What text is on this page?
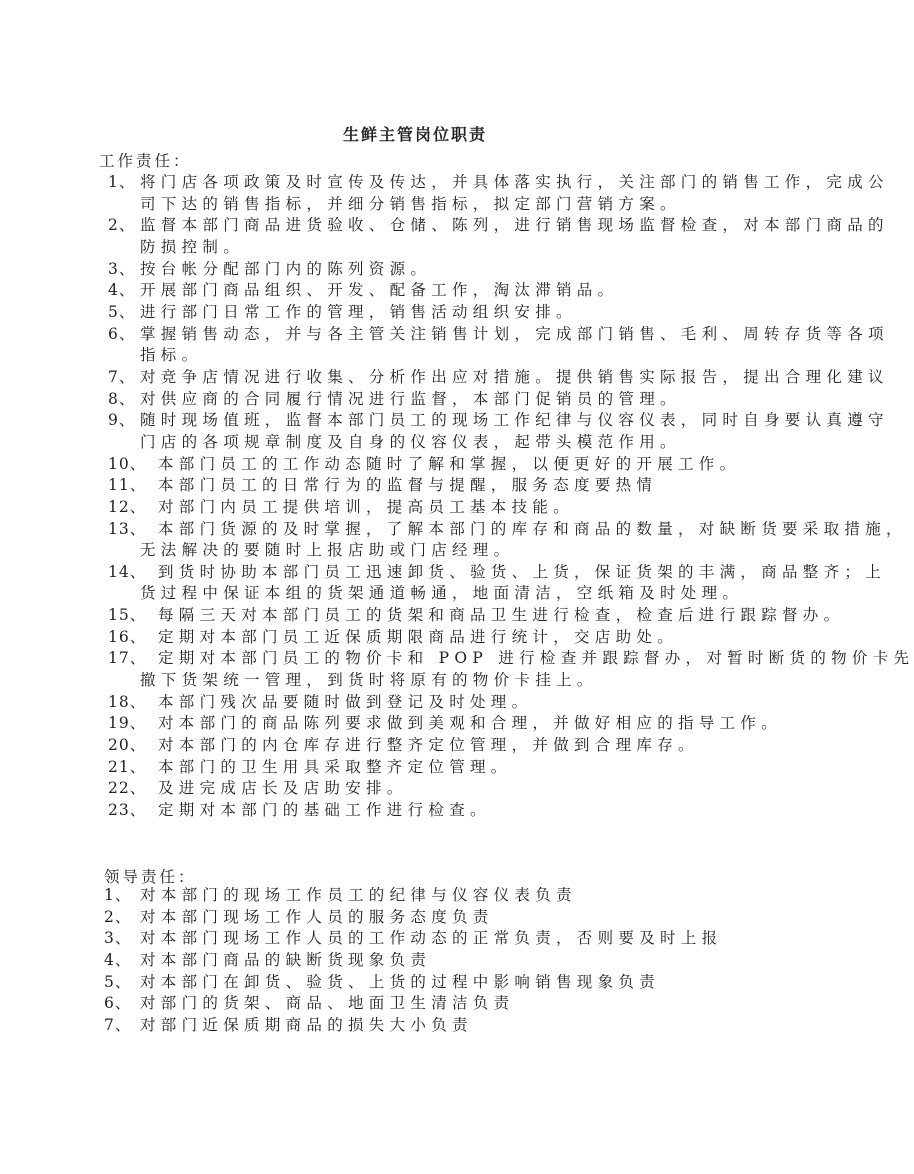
生鲜主管岗位职责
工作责任：
1、 将门店各项政策及时宣传及传达，并具体落实执行，关注部门的销售工作，完成公
司下达的销售指标，并细分销售指标，拟定部门营销方案。
2、 监督本部门商品进货验收、仓储、陈列，进行销售现场监督检查，对本部门商品的
防损控制。
3、 按台帐分配部门内的陈列资源。
4、 开展部门商品组织、开发、配备工作，淘汰滞销品。
5、 进行部门日常工作的管理，销售活动组织安排。
6、 掌握销售动态，并与各主管关注销售计划，完成部门销售、毛利、周转存货等各项
指标。
7、 对竞争店情况进行收集、分析作出应对措施。提供销售实际报告，提出合理化建议
8、 对供应商的合同履行情况进行监督，本部门促销员的管理。
9、 随时现场值班，监督本部门员工的现场工作纪律与仪容仪表，同时自身要认真遵守
门店的各项规章制度及自身的仪容仪表，起带头模范作用。
10、 本部门员工的工作动态随时了解和掌握，以便更好的开展工作。
11、 本部门员工的日常行为的监督与提醒，服务态度要热情
12、 对部门内员工提供培训，提高员工基本技能。
13、 本部门货源的及时掌握，了解本部门的库存和商品的数量，对缺断货要采取措施，
无法解决的要随时上报店助或门店经理。
14、 到货时协助本部门员工迅速卸货、验货、上货，保证货架的丰满，商品整齐；上
货过程中保证本组的货架通道畅通，地面清洁，空纸箱及时处理。
15、 每隔三天对本部门员工的货架和商品卫生进行检查，检查后进行跟踪督办。
16、 定期对本部门员工近保质期限商品进行统计，交店助处。
17、 定期对本部门员工的物价卡和 POP 进行检查并跟踪督办，对暂时断货的物价卡先
撤下货架统一管理，到货时将原有的物价卡挂上。
18、 本部门残次品要随时做到登记及时处理。
19、 对本部门的商品陈列要求做到美观和合理，并做好相应的指导工作。
20、 对本部门的内仓库存进行整齐定位管理，并做到合理库存。
21、 本部门的卫生用具采取整齐定位管理。
22、 及进完成店长及店助安排。
23、 定期对本部门的基础工作进行检查。
领导责任：
1、 对本部门的现场工作员工的纪律与仪容仪表负责
2、 对本部门现场工作人员的服务态度负责
3、 对本部门现场工作人员的工作动态的正常负责，否则要及时上报
4、 对本部门商品的缺断货现象负责
5、 对本部门在卸货、验货、上货的过程中影响销售现象负责
6、 对部门的货架、商品、地面卫生清洁负责
7、 对部门近保质期商品的损失大小负责
